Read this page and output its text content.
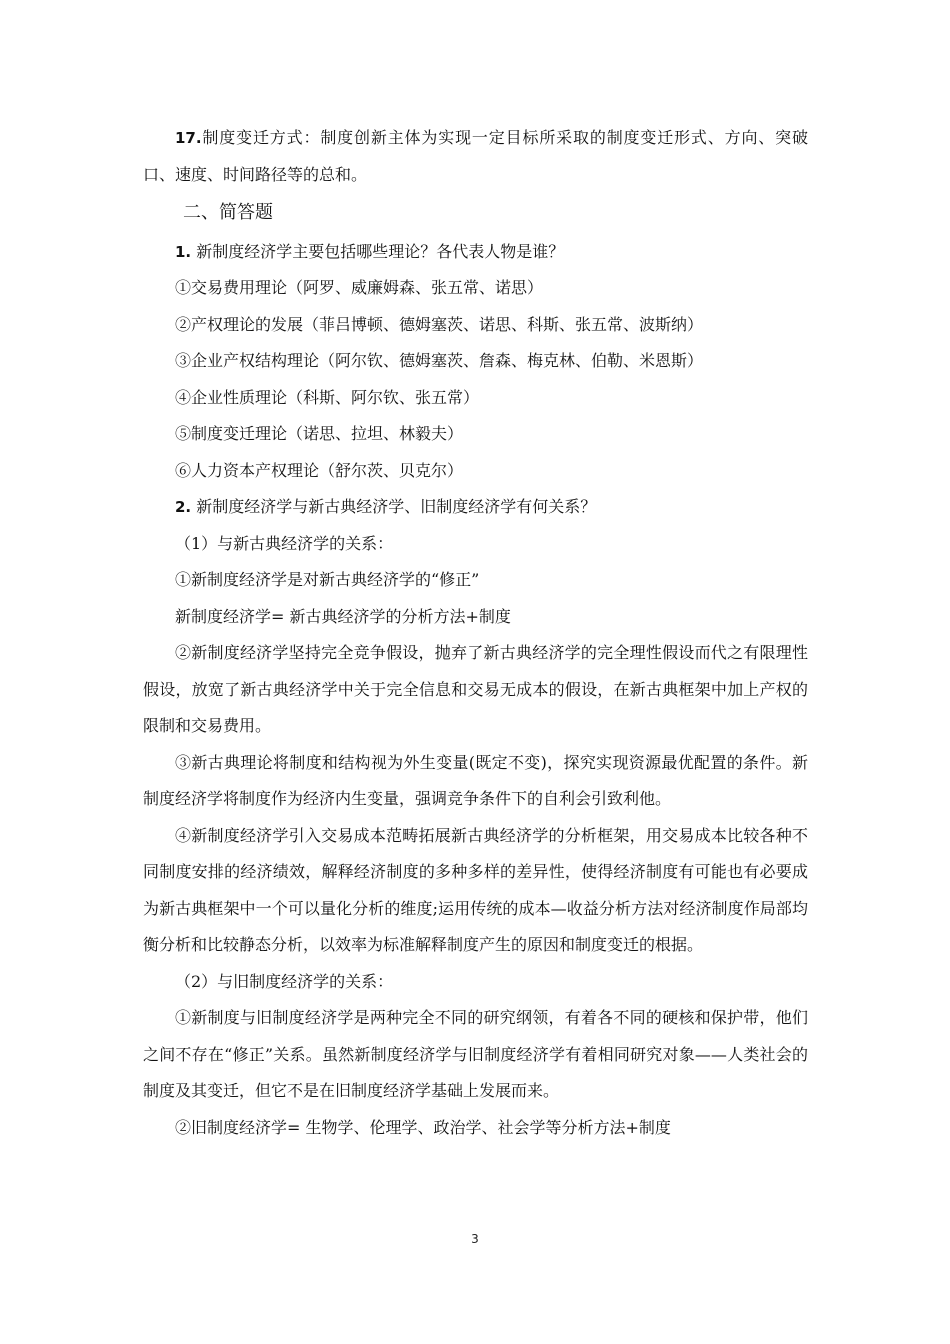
17.制度变迁方式：制度创新主体为实现一定目标所采取的制度变迁形式、方向、突破口、速度、时间路径等的总和。

二、简答题

1. 新制度经济学主要包括哪些理论？各代表人物是谁？

①交易费用理论（阿罗、威廉姆森、张五常、诺思）

②产权理论的发展（菲吕博顿、德姆塞茨、诺思、科斯、张五常、波斯纳）

③企业产权结构理论（阿尔钦、德姆塞茨、詹森、梅克林、伯勒、米恩斯）

④企业性质理论（科斯、阿尔钦、张五常）

⑤制度变迁理论（诺思、拉坦、林毅夫）

⑥人力资本产权理论（舒尔茨、贝克尔）

2. 新制度经济学与新古典经济学、旧制度经济学有何关系？

（1）与新古典经济学的关系：

①新制度经济学是对新古典经济学的“修正”

新制度经济学= 新古典经济学的分析方法+制度

②新制度经济学坚持完全竞争假设，抛弃了新古典经济学的完全理性假设而代之有限理性假设，放宽了新古典经济学中关于完全信息和交易无成本的假设，在新古典框架中加上产权的限制和交易费用。

③新古典理论将制度和结构视为外生变量(既定不变)，探究实现资源最优配置的条件。新制度经济学将制度作为经济内生变量，强调竞争条件下的自利会引致利他。

④新制度经济学引入交易成本范畴拓展新古典经济学的分析框架，用交易成本比较各种不同制度安排的经济绩效，解释经济制度的多种多样的差异性，使得经济制度有可能也有必要成为新古典框架中一个可以量化分析的维度;运用传统的成本—收益分析方法对经济制度作局部均衡分析和比较静态分析，以效率为标准解释制度产生的原因和制度变迁的根据。

（2）与旧制度经济学的关系：

①新制度与旧制度经济学是两种完全不同的研究纲领，有着各不同的硬核和保护带，他们之间不存在“修正”关系。虽然新制度经济学与旧制度经济学有着相同研究对象——人类社会的制度及其变迁，但它不是在旧制度经济学基础上发展而来。

②旧制度经济学= 生物学、伦理学、政治学、社会学等分析方法+制度

3
